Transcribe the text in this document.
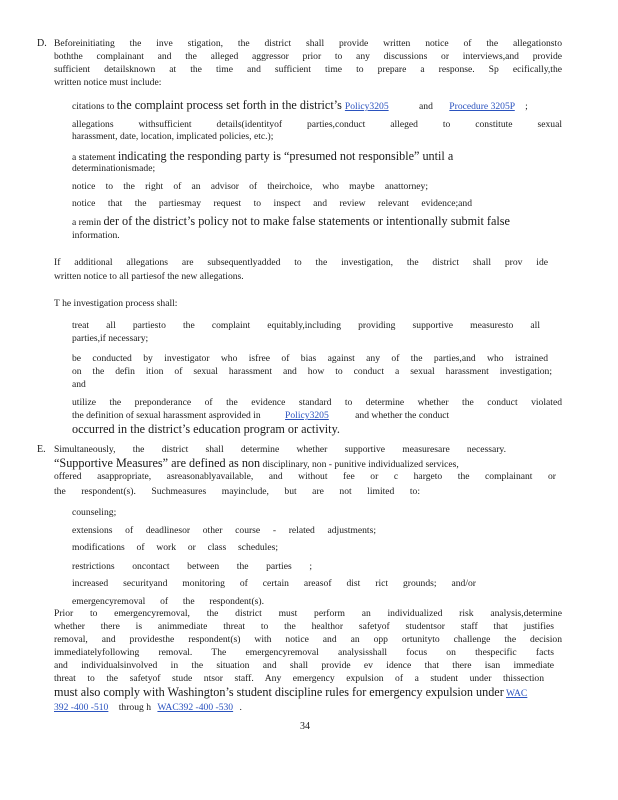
D. Beforeinitiating the inve stigation, the district shall provide written notice of the allegationsto
boththe complainant and the alleged aggressor prior to any discussions or interviews,and provide
sufficient detailsknown at the time and sufficient time to prepare a response. Sp ecifically,the
written notice must include:
citations to the complaint process set forth in the district’s Policy3205	and Procedure 3205P ;
allegations withsufficient details(identityof parties,conduct alleged to constitute sexual
harassment, date, location, implicated policies, etc.);
a statement indicating the responding party is “presumed not responsible” until a
determinationismade;
notice to the right of an advisor of theirchoice, who maybe anattorney;
notice that the partiesmay request to inspect and review relevant evidence;and
a remin der of the district’s policy not to make false statements or intentionally submit false
information.
If additional allegations are subsequentlyadded to the investigation, the district shall prov ide
written notice to all partiesof the new allegations.
T he investigation process shall:
treat all partiesto the complaint equitably,including providing supportive measuresto all
parties,if necessary;
be conducted by investigator who isfree of bias against any of the parties,and who istrained
on the defin ition of sexual harassment and how to conduct a sexual harassment investigation;
and
utilize the preponderance of the evidence standard to determine whether the conduct violated
the definition of sexual harassment asprovided in	Policy3205	and whether the conduct
occurred in the district’s education program or activity.
E. Simultaneously, the district shall determine whether supportive measuresare necessary.
“Supportive Measures” are defined as non disciplinary, non - punitive individualized services,
offered asappropriate, asreasonablyavailable, and without fee or c hargeto the complainant or
the respondent(s). Suchmeasures mayinclude, but are not limited to:
counseling;
extensions of deadlinesor other course - related adjustments;
modifications of work or class schedules;
restrictions oncontact between the parties ;
increased securityand monitoring of certain areasof dist rict grounds; and/or
emergencyremoval of the respondent(s).
Prior to emergencyremoval, the district must perform an individualized risk analysis,determine
whether there is animmediate threat to the healthor safetyof studentsor staff that justifies
removal, and providesthe respondent(s) with notice and an opp ortunityto challenge the decision
immediatelyfollowing removal. The emergencyremoval analysisshall focus on thespecific facts
and individualsinvolved in the situation and shall provide ev idence that there isan immediate
threat to the safetyof stude ntsor staff. Any emergency expulsion of a student under thissection
must also comply with Washington’s student discipline rules for emergency expulsion under WAC
392 -400 -510 throug h WAC392 -400 -530 .
34
